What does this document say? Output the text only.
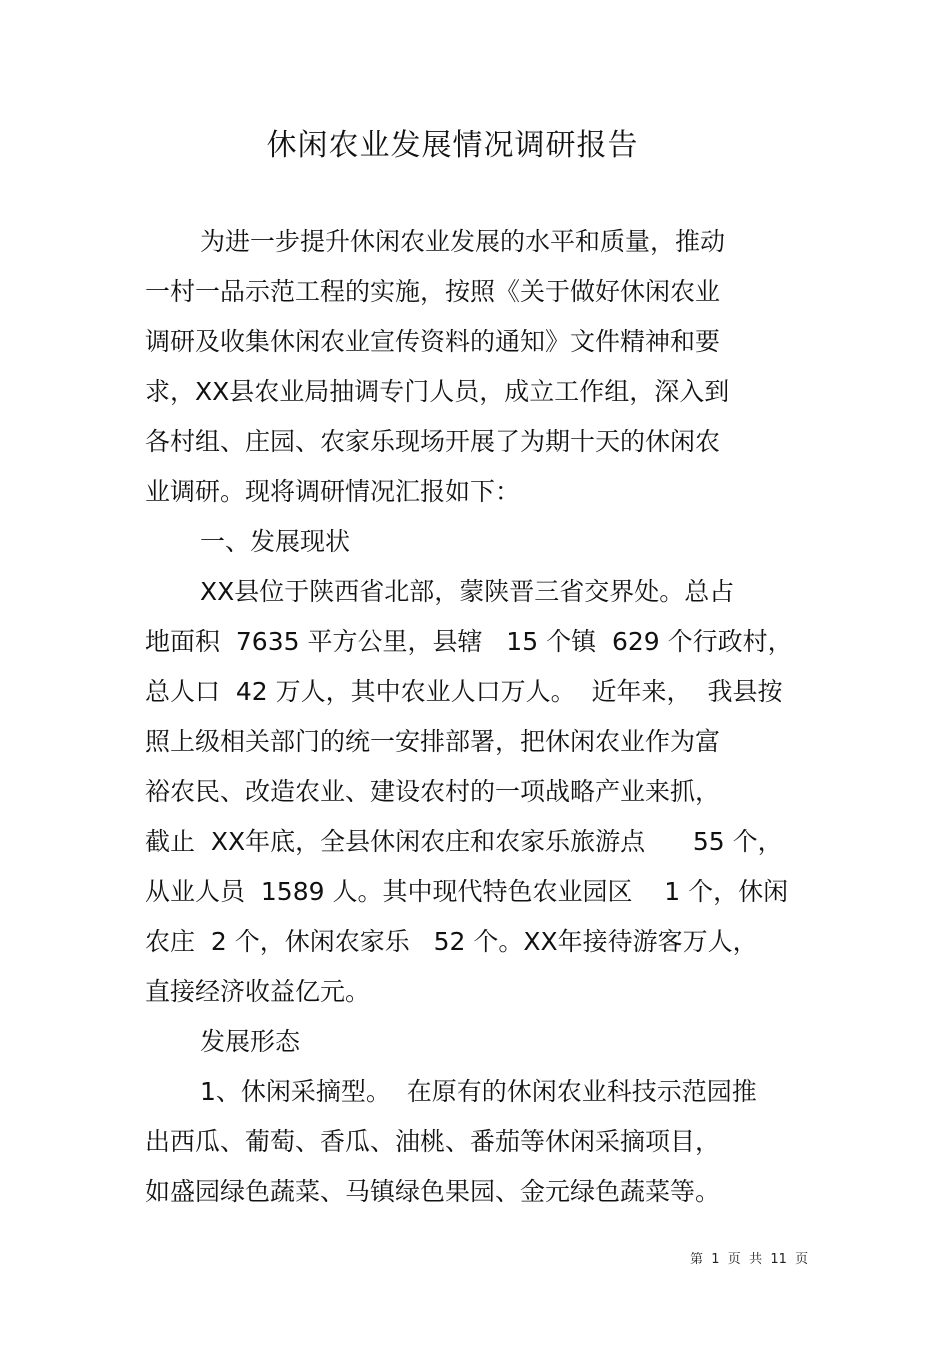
休闲农业发展情况调研报告
为进一步提升休闲农业发展的水平和质量，推动
一村一品示范工程的实施，按照《关于做好休闲农业
调研及收集休闲农业宣传资料的通知》文件精神和要
求，XX县农业局抽调专门人员，成立工作组，深入到
各村组、庄园、农家乐现场开展了为期十天的休闲农
业调研。现将调研情况汇报如下：
一、发展现状
XX县位于陕西省北部，蒙陕晋三省交界处。总占
地面积  7635 平方公里，县辖   15 个镇  629 个行政村，
总人口  42 万人，其中农业人口万人。  近年来，  我县按
照上级相关部门的统一安排部署，把休闲农业作为富
裕农民、改造农业、建设农村的一项战略产业来抓，
截止  XX年底，全县休闲农庄和农家乐旅游点      55 个，
从业人员  1589 人。其中现代特色农业园区    1 个，休闲
农庄  2 个，休闲农家乐   52 个。XX年接待游客万人，
直接经济收益亿元。
发展形态
1、休闲采摘型。  在原有的休闲农业科技示范园推
出西瓜、葡萄、香瓜、油桃、番茄等休闲采摘项目，
如盛园绿色蔬菜、马镇绿色果园、金元绿色蔬菜等。
第  1  页  共  11  页
